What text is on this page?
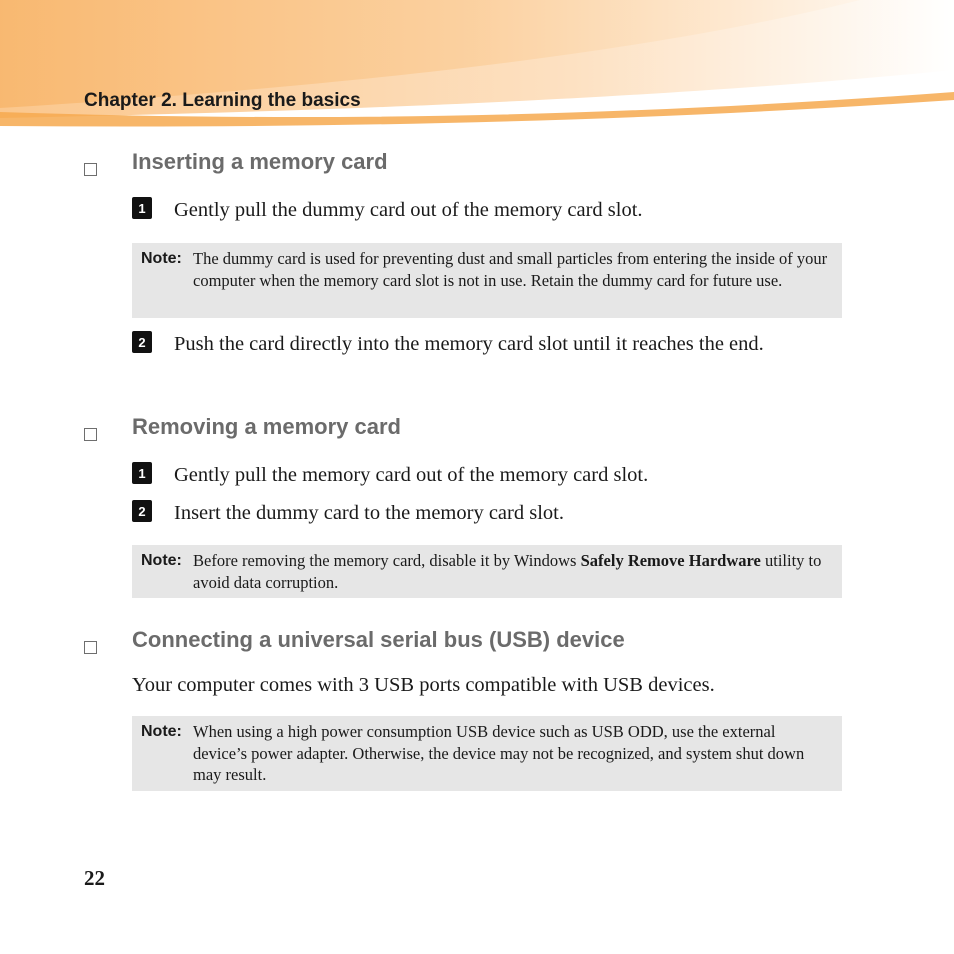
Chapter 2. Learning the basics
Inserting a memory card
1	Gently pull the dummy card out of the memory card slot.
Note: The dummy card is used for preventing dust and small particles from entering the inside of your computer when the memory card slot is not in use. Retain the dummy card for future use.
2	Push the card directly into the memory card slot until it reaches the end.
Removing a memory card
1	Gently pull the memory card out of the memory card slot.
2	Insert the dummy card to the memory card slot.
Note: Before removing the memory card, disable it by Windows Safely Remove Hardware utility to avoid data corruption.
Connecting a universal serial bus (USB) device
Your computer comes with 3 USB ports compatible with USB devices.
Note: When using a high power consumption USB device such as USB ODD, use the external device’s power adapter. Otherwise, the device may not be recognized, and system shut down may result.
22
